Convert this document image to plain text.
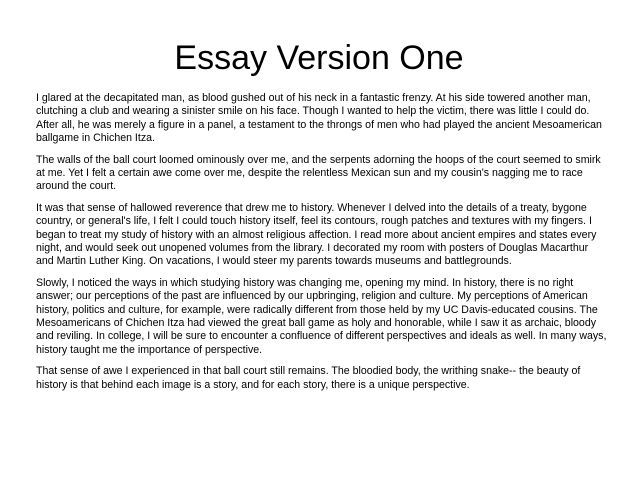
Essay Version One

I glared at the decapitated man, as blood gushed out of his neck in a fantastic frenzy. At his side towered another man, clutching a club and wearing a sinister smile on his face. Though I wanted to help the victim, there was little I could do. After all, he was merely a figure in a panel, a testament to the throngs of men who had played the ancient Mesoamerican ballgame in Chichen Itza.

The walls of the ball court loomed ominously over me, and the serpents adorning the hoops of the court seemed to smirk at me. Yet I felt a certain awe come over me, despite the relentless Mexican sun and my cousin's nagging me to race around the court.

It was that sense of hallowed reverence that drew me to history. Whenever I delved into the details of a treaty, bygone country, or general's life, I felt I could touch history itself, feel its contours, rough patches and textures with my fingers. I began to treat my study of history with an almost religious affection. I read more about ancient empires and states every night, and would seek out unopened volumes from the library. I decorated my room with posters of Douglas Macarthur and Martin Luther King. On vacations, I would steer my parents towards museums and battlegrounds.

Slowly, I noticed the ways in which studying history was changing me, opening my mind. In history, there is no right answer; our perceptions of the past are influenced by our upbringing, religion and culture. My perceptions of American history, politics and culture, for example, were radically different from those held by my UC Davis-educated cousins. The Mesoamericans of Chichen Itza had viewed the great ball game as holy and honorable, while I saw it as archaic, bloody and reviling. In college, I will be sure to encounter a confluence of different perspectives and ideals as well. In many ways, history taught me the importance of perspective.

That sense of awe I experienced in that ball court still remains. The bloodied body, the writhing snake-- the beauty of history is that behind each image is a story, and for each story, there is a unique perspective.
